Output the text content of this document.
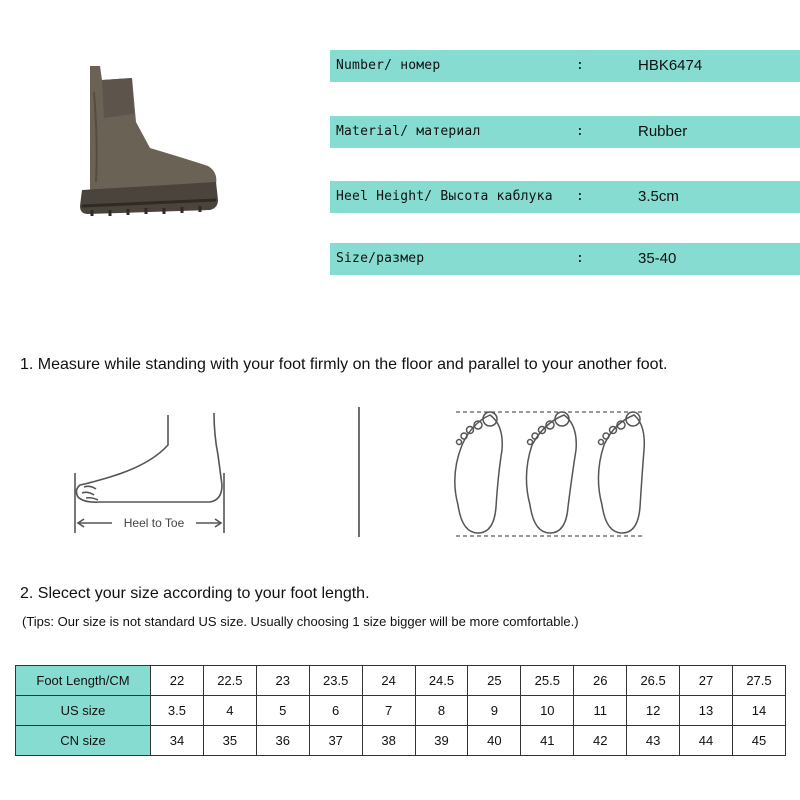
Number/ номер	:	HBK6474
Material/ материал	:	Rubber
Heel Height/ Высота каблука :	3.5cm
Size/размер	:	35-40
1. Measure while standing with your foot firmly on the floor and parallel to your another foot.
Heel to Toe
2. Slecect your size according to your foot length.
(Tips: Our size is not standard US size. Usually choosing 1 size bigger will be more comfortable.)
Foot Length/CM	22	22.5	23	23.5	24	24.5	25	25.5	26	26.5	27	27.5
US size	3.5	4	5	6	7	8	9	10	11	12	13	14
CN size	34	35	36	37	38	39	40	41	42	43	44	45
